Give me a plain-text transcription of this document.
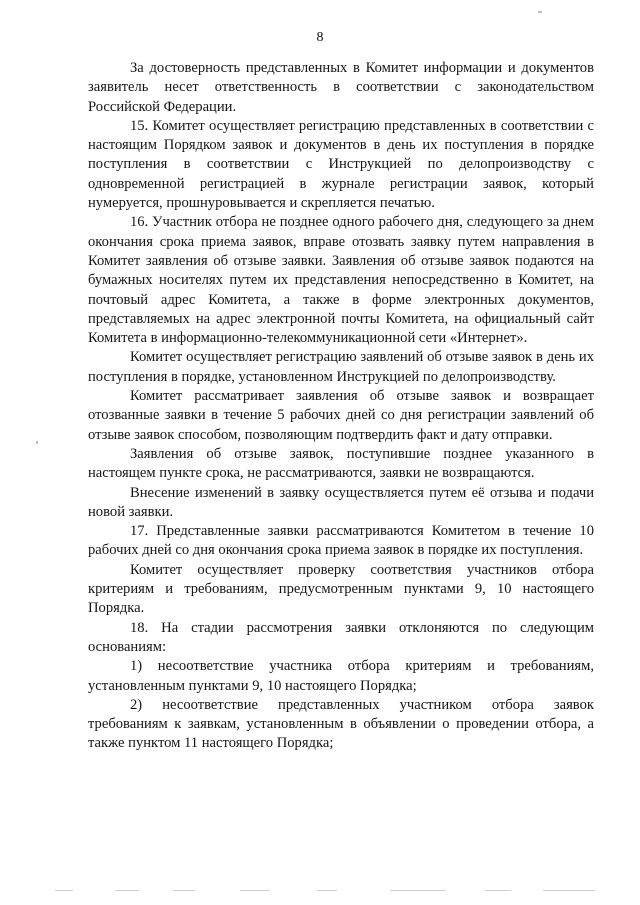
8

За достоверность представленных в Комитет информации и документов заявитель несет ответственность в соответствии с законодательством Российской Федерации.

15. Комитет осуществляет регистрацию представленных в соответствии с настоящим Порядком заявок и документов в день их поступления в порядке поступления в соответствии с Инструкцией по делопроизводству с одновременной регистрацией в журнале регистрации заявок, который нумеруется, прошнуровывается и скрепляется печатью.

16. Участник отбора не позднее одного рабочего дня, следующего за днем окончания срока приема заявок, вправе отозвать заявку путем направления в Комитет заявления об отзыве заявки. Заявления об отзыве заявок подаются на бумажных носителях путем их представления непосредственно в Комитет, на почтовый адрес Комитета, а также в форме электронных документов, представляемых на адрес электронной почты Комитета, на официальный сайт Комитета в информационно-телекоммуникационной сети «Интернет».

Комитет осуществляет регистрацию заявлений об отзыве заявок в день их поступления в порядке, установленном Инструкцией по делопроизводству.

Комитет рассматривает заявления об отзыве заявок и возвращает отозванные заявки в течение 5 рабочих дней со дня регистрации заявлений об отзыве заявок способом, позволяющим подтвердить факт и дату отправки.

Заявления об отзыве заявок, поступившие позднее указанного в настоящем пункте срока, не рассматриваются, заявки не возвращаются.

Внесение изменений в заявку осуществляется путем её отзыва и подачи новой заявки.

17. Представленные заявки рассматриваются Комитетом в течение 10 рабочих дней со дня окончания срока приема заявок в порядке их поступления.

Комитет осуществляет проверку соответствия участников отбора критериям и требованиям, предусмотренным пунктами 9, 10 настоящего Порядка.

18. На стадии рассмотрения заявки отклоняются по следующим основаниям:

1) несоответствие участника отбора критериям и требованиям, установленным пунктами 9, 10 настоящего Порядка;

2) несоответствие представленных участником отбора заявок требованиям к заявкам, установленным в объявлении о проведении отбора, а также пунктом 11 настоящего Порядка;
